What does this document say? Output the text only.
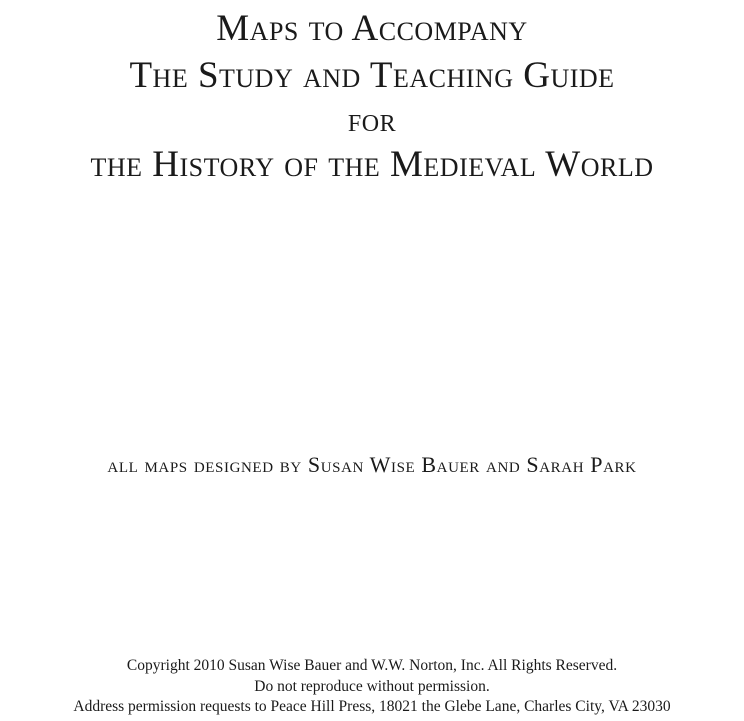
Maps to Accompany
The Study and Teaching Guide
for
the History of the Medieval World
all maps designed by Susan Wise Bauer and Sarah Park
Copyright 2010 Susan Wise Bauer and W.W. Norton, Inc. All Rights Reserved.
Do not reproduce without permission.
Address permission requests to Peace Hill Press, 18021 the Glebe Lane, Charles City, VA 23030
